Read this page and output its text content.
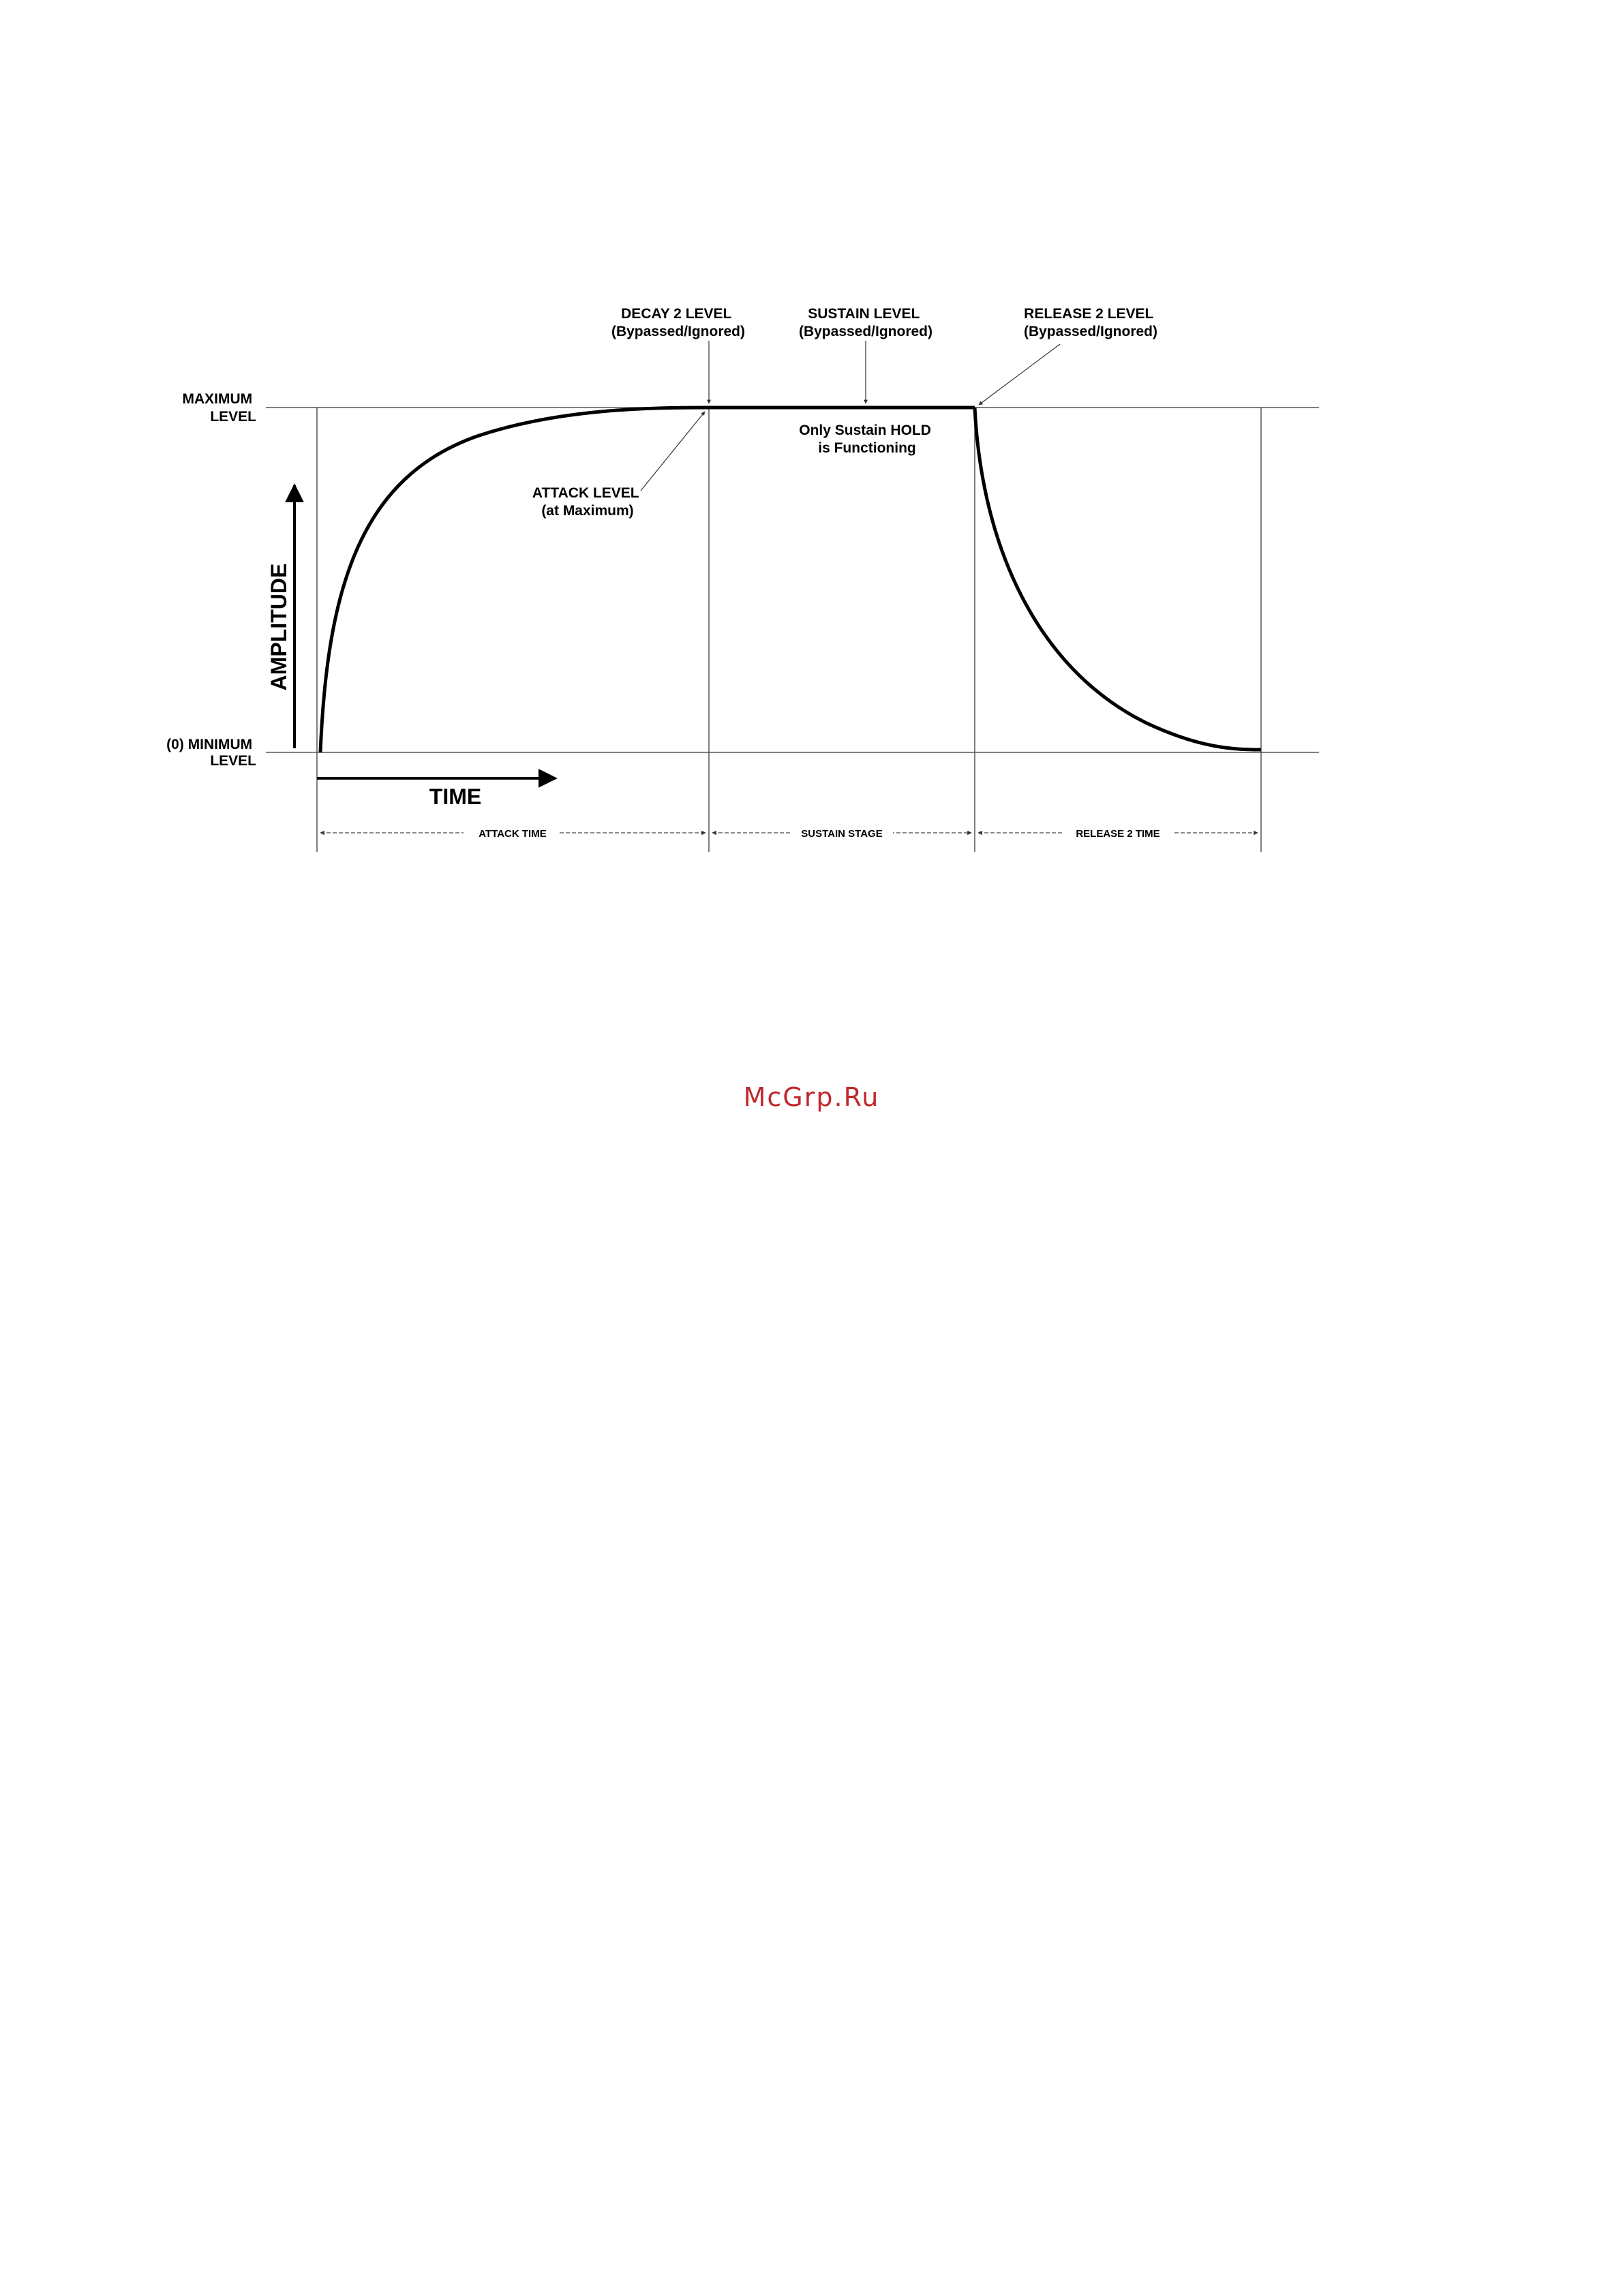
MAXIMUM LEVEL
(0) MINIMUM LEVEL
AMPLITUDE
TIME
DECAY 2 LEVEL (Bypassed/Ignored)
SUSTAIN LEVEL (Bypassed/Ignored)
RELEASE 2 LEVEL (Bypassed/Ignored)
ATTACK LEVEL (at Maximum)
Only Sustain HOLD is Functioning
ATTACK TIME	SUSTAIN STAGE	RELEASE 2 TIME
McGrp.Ru
